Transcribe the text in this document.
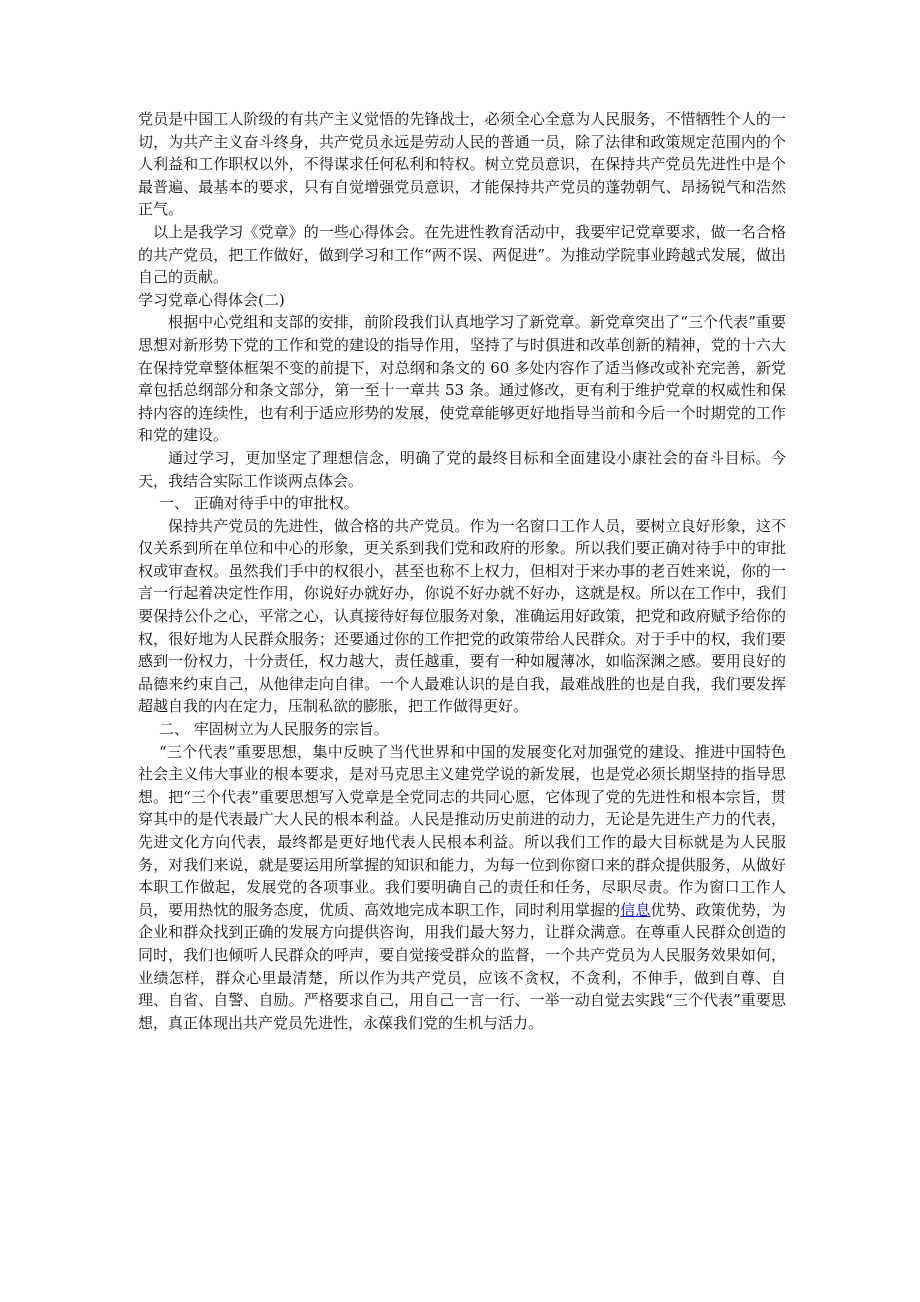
党员是中国工人阶级的有共产主义觉悟的先锋战士，必须全心全意为人民服务，不惜牺牲个人的一切，为共产主义奋斗终身，共产党员永远是劳动人民的普通一员，除了法律和政策规定范围内的个人利益和工作职权以外，不得谋求任何私利和特权。树立党员意识，在保持共产党员先进性中是个最普遍、最基本的要求，只有自觉增强党员意识，才能保持共产党员的蓬勃朝气、昂扬锐气和浩然正气。

以上是我学习《党章》的一些心得体会。在先进性教育活动中，我要牢记党章要求，做一名合格的共产党员，把工作做好，做到学习和工作“两不误、两促进”。为推动学院事业跨越式发展，做出自己的贡献。

学习党章心得体会(二)

根据中心党组和支部的安排，前阶段我们认真地学习了新党章。新党章突出了“三个代表”重要思想对新形势下党的工作和党的建设的指导作用，坚持了与时俱进和改革创新的精神，党的十六大在保持党章整体框架不变的前提下，对总纲和条文的 60 多处内容作了适当修改或补充完善，新党章包括总纲部分和条文部分，第一至十一章共 53 条。通过修改，更有利于维护党章的权威性和保持内容的连续性，也有利于适应形势的发展，使党章能够更好地指导当前和今后一个时期党的工作和党的建设。

通过学习，更加坚定了理想信念，明确了党的最终目标和全面建设小康社会的奋斗目标。今天，我结合实际工作谈两点体会。

一、 正确对待手中的审批权。

保持共产党员的先进性，做合格的共产党员。作为一名窗口工作人员，要树立良好形象，这不仅关系到所在单位和中心的形象，更关系到我们党和政府的形象。所以我们要正确对待手中的审批权或审查权。虽然我们手中的权很小，甚至也称不上权力，但相对于来办事的老百姓来说，你的一言一行起着决定性作用，你说好办就好办，你说不好办就不好办，这就是权。所以在工作中，我们要保持公仆之心，平常之心，认真接待好每位服务对象，准确运用好政策，把党和政府赋予给你的权，很好地为人民群众服务；还要通过你的工作把党的政策带给人民群众。对于手中的权，我们要感到一份权力，十分责任，权力越大，责任越重，要有一种如履薄冰，如临深渊之感。要用良好的品德来约束自己，从他律走向自律。一个人最难认识的是自我，最难战胜的也是自我，我们要发挥超越自我的内在定力，压制私欲的膨胀，把工作做得更好。

二、 牢固树立为人民服务的宗旨。

“三个代表”重要思想，集中反映了当代世界和中国的发展变化对加强党的建设、推进中国特色社会主义伟大事业的根本要求，是对马克思主义建党学说的新发展，也是党必须长期坚持的指导思想。把“三个代表”重要思想写入党章是全党同志的共同心愿，它体现了党的先进性和根本宗旨，贯穿其中的是代表最广大人民的根本利益。人民是推动历史前进的动力，无论是先进生产力的代表，先进文化方向代表，最终都是更好地代表人民根本利益。所以我们工作的最大目标就是为人民服务，对我们来说，就是要运用所掌握的知识和能力，为每一位到你窗口来的群众提供服务，从做好本职工作做起，发展党的各项事业。我们要明确自己的责任和任务，尽职尽责。作为窗口工作人员，要用热忱的服务态度，优质、高效地完成本职工作，同时利用掌握的信息优势、政策优势，为企业和群众找到正确的发展方向提供咨询，用我们最大努力，让群众满意。在尊重人民群众创造的同时，我们也倾听人民群众的呼声，要自觉接受群众的监督，一个共产党员为人民服务效果如何，业绩怎样，群众心里最清楚，所以作为共产党员，应该不贪权，不贪利，不伸手，做到自尊、自理、自省、自警、自励。严格要求自己，用自己一言一行、一举一动自觉去实践“三个代表”重要思想，真正体现出共产党员先进性，永葆我们党的生机与活力。
